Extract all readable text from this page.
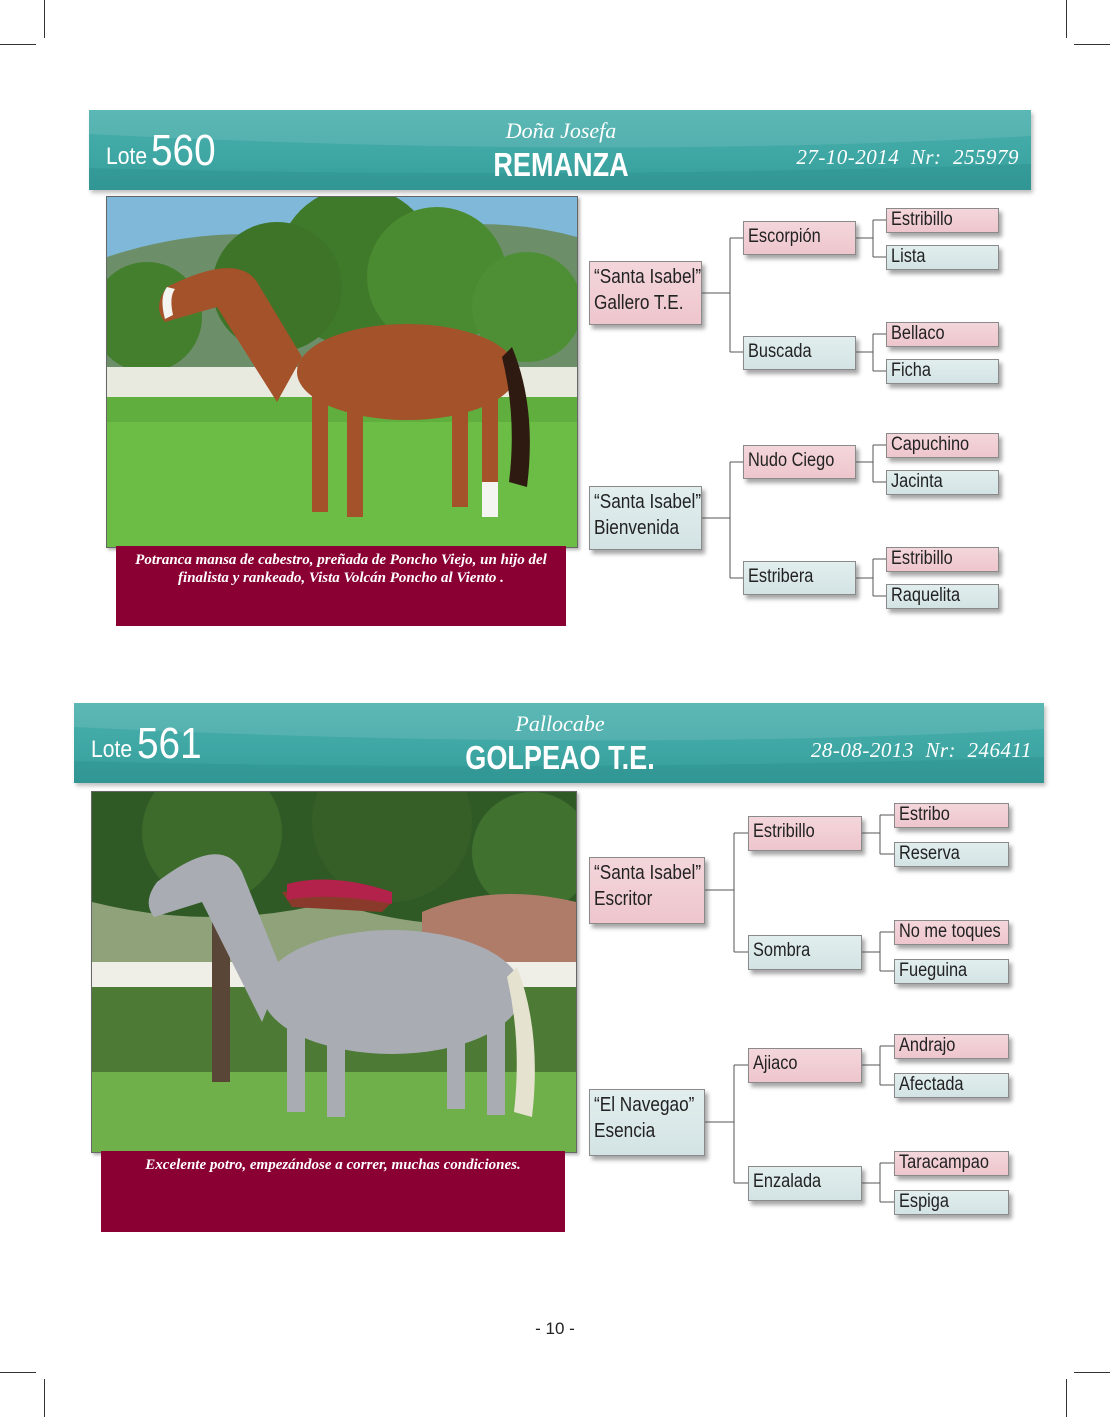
Lote 560	Doña Josefa
REMANZA	27-10-2014 Nr: 255979
Potranca mansa de cabestro, preñada de Poncho Viejo, un hijo del finalista y rankeado, Vista Volcán Poncho al Viento .
“Santa Isabel”
Gallero T.E.
“Santa Isabel”
Bienvenida
Escorpión
Buscada
Nudo Ciego
Estribera
Estribillo
Lista
Bellaco
Ficha
Capuchino
Jacinta
Estribillo
Raquelita
Lote 561	Pallocabe
GOLPEAO T.E.	28-08-2013 Nr: 246411
Excelente potro, empezándose a correr, muchas condiciones.
“Santa Isabel”
Escritor
“El Navegao”
Esencia
Estribillo
Sombra
Ajiaco
Enzalada
Estribo
Reserva
No me toques
Fueguina
Andrajo
Afectada
Taracampao
Espiga
- 10 -
